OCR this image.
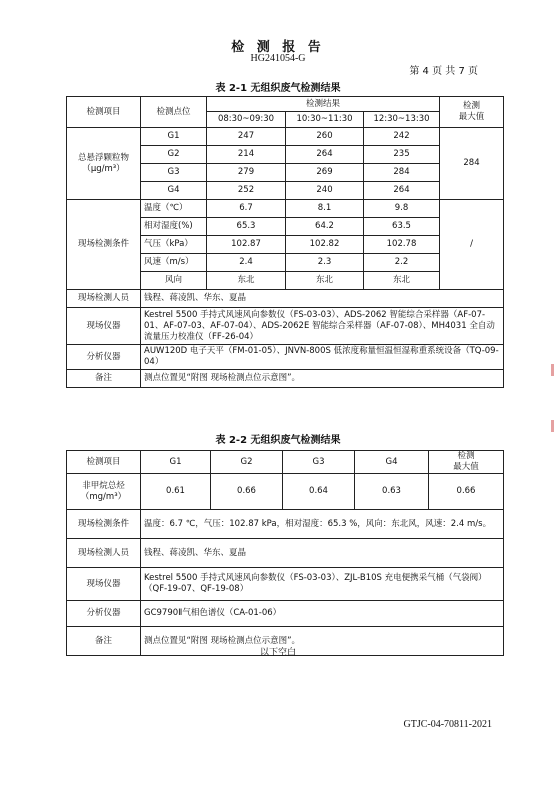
检 测 报 告
HG241054-G
第 4 页 共 7 页
表 2-1 无组织废气检测结果
检测项目	检测点位	检测结果			检测
最大值
		08:30~09:30	10:30~11:30	12:30~13:30	
总悬浮颗粒物
（μg/m³）	G1	247	260	242	284
	G2	214	264	235	
	G3	279	269	284	
	G4	252	240	264	
现场检测条件	温度（℃）	6.7	8.1	9.8	/
	相对湿度(%)	65.3	64.2	63.5	
	气压（kPa）	102.87	102.82	102.78	
	风速（m/s）	2.4	2.3	2.2	
	风向	东北	东北	东北	
现场检测人员	钱程、蒋凌凯、华东、夏晶				
现场仪器	Kestrel 5500 手持式风速风向参数仪（FS-03-03）、ADS-2062 智能综合采样器（AF-07-01、AF-07-03、AF-07-04）、ADS-2062E 智能综合采样器（AF-07-08）、MH4031 全自动流量压力校准仪（FF-26-04）				
分析仪器	AUW120D 电子天平（FM-01-05）、JNVN-800S 低浓度称量恒温恒湿称重系统设备（TQ-09-04）				
备注	测点位置见“附图 现场检测点位示意图”。				
表 2-2 无组织废气检测结果
检测项目	G1	G2	G3	G4	检测
最大值
非甲烷总烃
（mg/m³）	0.61	0.66	0.64	0.63	0.66
现场检测条件	温度：6.7 ℃，气压：102.87 kPa，相对湿度：65.3 %，风向：东北风，风速：2.4 m/s。				
现场检测人员	钱程、蒋凌凯、华东、夏晶				
现场仪器	Kestrel 5500 手持式风速风向参数仪（FS-03-03）、ZJL-B10S 充电便携采气桶（气袋阀）（QF-19-07、QF-19-08）				
分析仪器	GC9790Ⅱ气相色谱仪（CA-01-06）				
备注	测点位置见“附图 现场检测点位示意图”。				
以下空白
GTJC-04-70811-2021
